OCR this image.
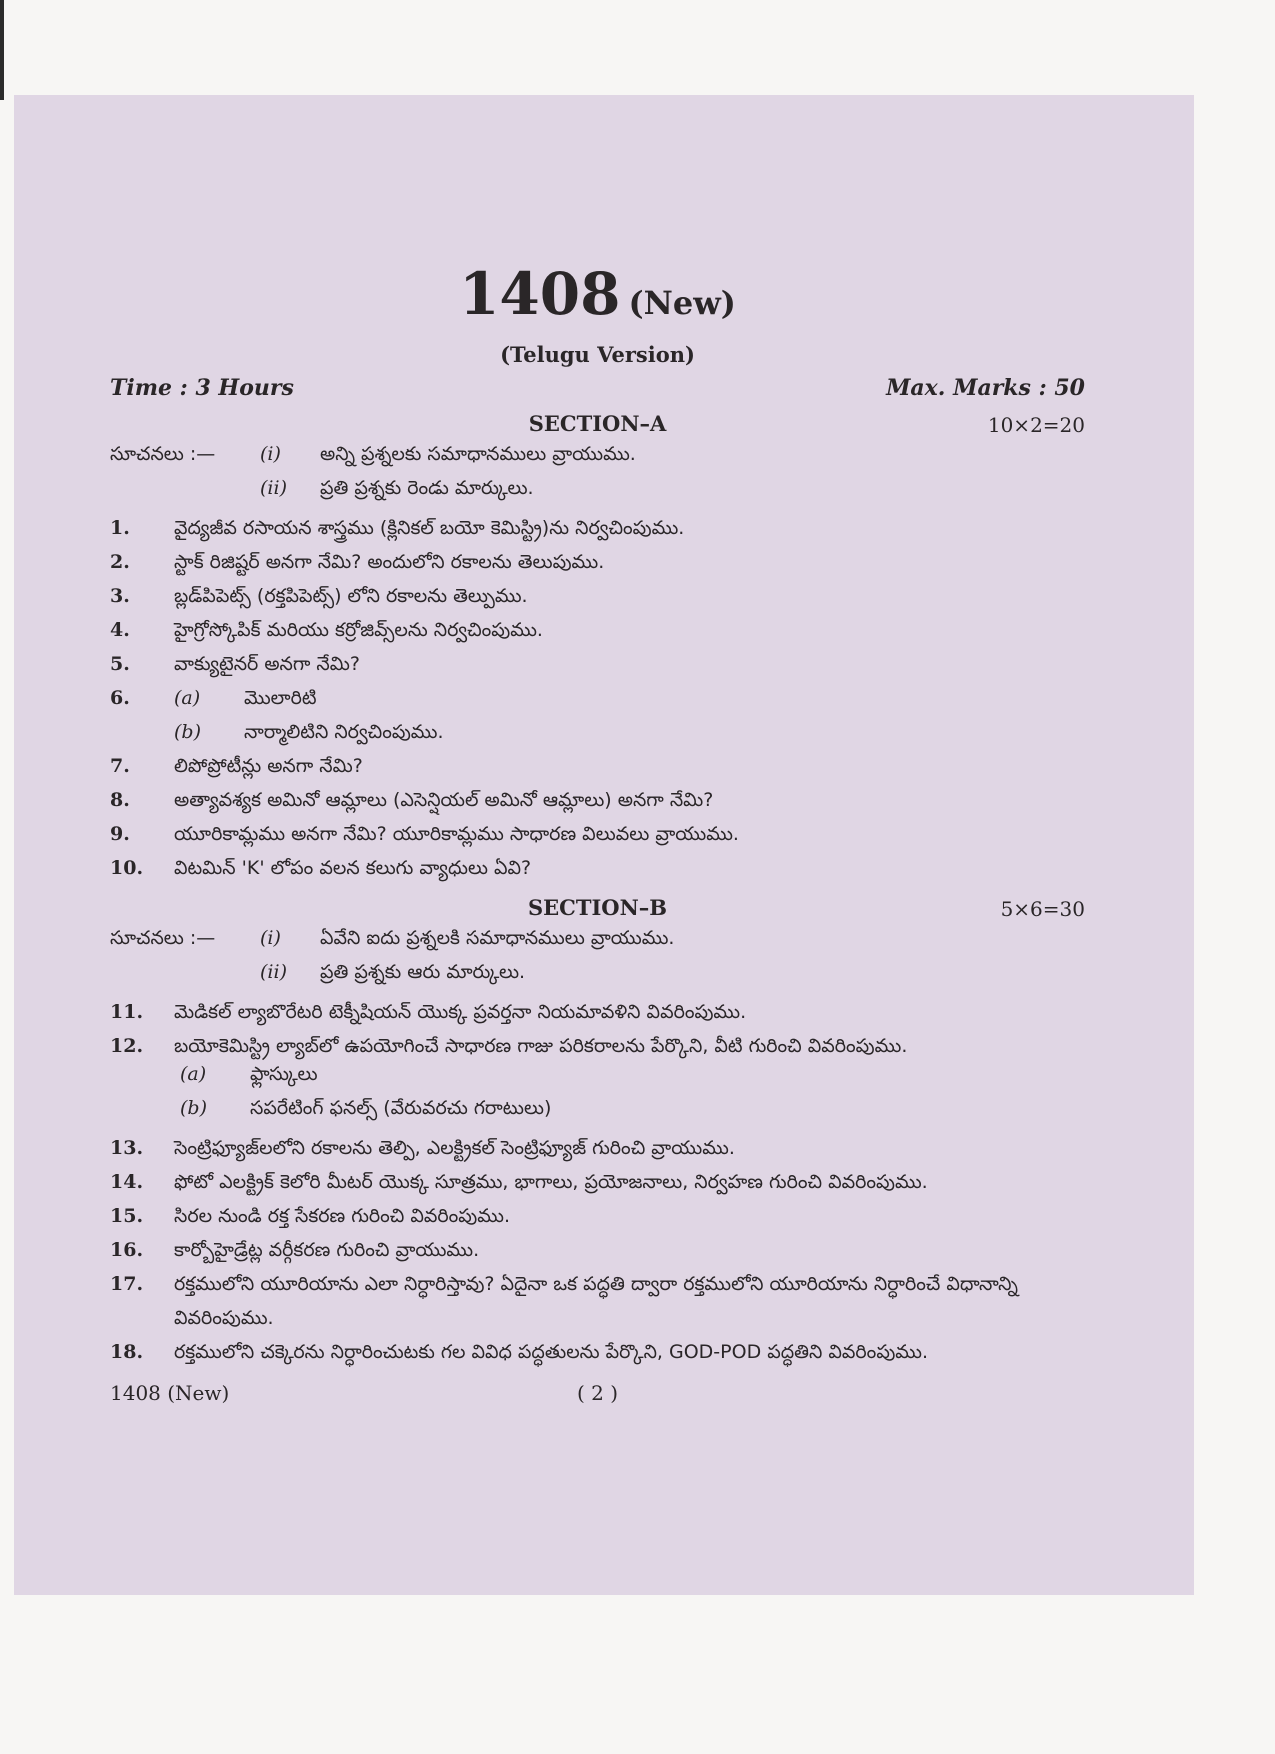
1408 (New)
(Telugu Version)
Time : 3 Hours	Max. Marks : 50
SECTION–A	10×2=20
సూచనలు :—	(i)	అన్ని ప్రశ్నలకు సమాధానములు వ్రాయుము.
(ii)	ప్రతి ప్రశ్నకు రెండు మార్కులు.
1.	వైద్యజీవ రసాయన శాస్త్రము (క్లినికల్ బయో కెమిస్ట్రి)ను నిర్వచింపుము.
2.	స్టాక్ రిజిష్టర్ అనగా నేమి? అందులోని రకాలను తెలుపుము.
3.	బ్లడ్‌పిపెట్స్ (రక్తపిపెట్స్) లోని రకాలను తెల్పుము.
4.	హైగ్రోస్కోపిక్ మరియు కర్రోజివ్స్‌లను నిర్వచింపుము.
5.	వాక్యుటైనర్ అనగా నేమి?
6.	(a) మొలారిటి
(b) నార్మాలిటిని నిర్వచింపుము.
7.	లిపోప్రోటీన్లు అనగా నేమి?
8.	అత్యావశ్యక అమినో ఆమ్లాలు (ఎసెన్షియల్ అమినో ఆమ్లాలు) అనగా నేమి?
9.	యూరికామ్లము అనగా నేమి? యూరికామ్లము సాధారణ విలువలు వ్రాయుము.
10.	విటమిన్ 'K' లోపం వలన కలుగు వ్యాధులు ఏవి?
SECTION–B	5×6=30
సూచనలు :—	(i)	ఏవేని ఐదు ప్రశ్నలకి సమాధానములు వ్రాయుము.
(ii)	ప్రతి ప్రశ్నకు ఆరు మార్కులు.
11.	మెడికల్ ల్యాబొరేటరి టెక్నీషియన్ యొక్క ప్రవర్తనా నియమావళిని వివరింపుము.
12.	బయోకెమిస్ట్రి ల్యాబ్‌లో ఉపయోగించే సాధారణ గాజు పరికరాలను పేర్కొని, వీటి గురించి వివరింపుము.
(a)	ఫ్లాస్కులు
(b)	సపరేటింగ్ ఫనల్స్ (వేరువరచు గరాటులు)
13.	సెంట్రిఫ్యూజ్‌లలోని రకాలను తెల్పి, ఎలక్ట్రికల్ సెంట్రిఫ్యూజ్ గురించి వ్రాయుము.
14.	ఫోటో ఎలక్ట్రిక్ కెలోరి మీటర్ యొక్క సూత్రము, భాగాలు, ప్రయోజనాలు, నిర్వహణ గురించి వివరింపుము.
15.	సిరల నుండి రక్త సేకరణ గురించి వివరింపుము.
16.	కార్బోహైడ్రేట్ల వర్గీకరణ గురించి వ్రాయుము.
17.	రక్తములోని యూరియాను ఎలా నిర్ధారిస్తావు? ఏదైనా ఒక పద్ధతి ద్వారా రక్తములోని యూరియాను నిర్ధారించే విధానాన్ని వివరింపుము.
18.	రక్తములోని చక్కెరను నిర్ధారించుటకు గల వివిధ పద్ధతులను పేర్కొని, GOD-POD పద్ధతిని వివరింపుము.
1408 (New)	( 2 )
